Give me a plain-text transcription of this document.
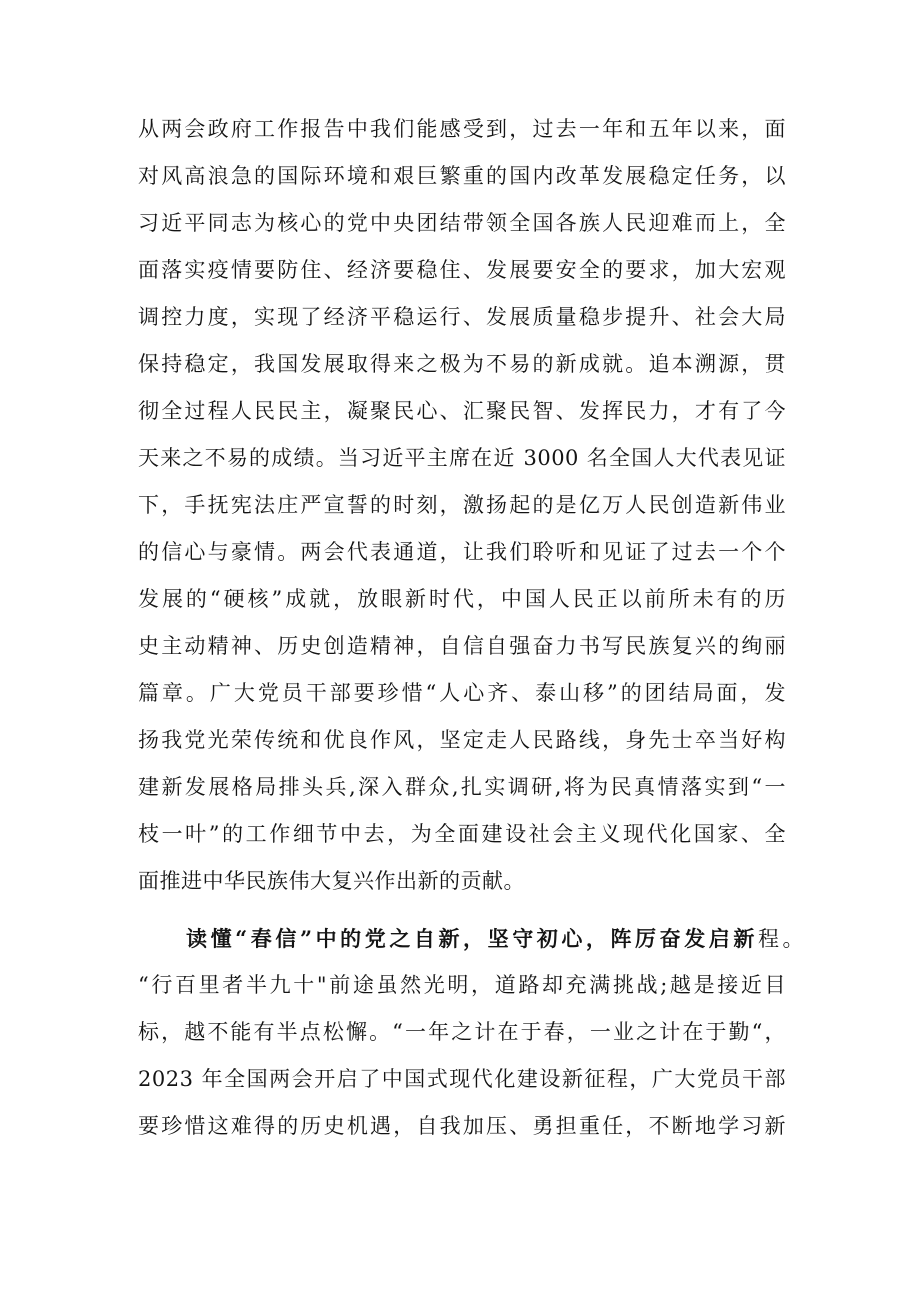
从两会政府工作报告中我们能感受到，过去一年和五年以来，面
对风高浪急的国际环境和艰巨繁重的国内改革发展稳定任务，以
习近平同志为核心的党中央团结带领全国各族人民迎难而上，全
面落实疫情要防住、经济要稳住、发展要安全的要求，加大宏观
调控力度，实现了经济平稳运行、发展质量稳步提升、社会大局
保持稳定，我国发展取得来之极为不易的新成就。追本溯源，贯
彻全过程人民民主，凝聚民心、汇聚民智、发挥民力，才有了今
天来之不易的成绩。当习近平主席在近 3000 名全国人大代表见证
下，手抚宪法庄严宣誓的时刻，激扬起的是亿万人民创造新伟业
的信心与豪情。两会代表通道，让我们聆听和见证了过去一个个
发展的“硬核”成就，放眼新时代，中国人民正以前所未有的历
史主动精神、历史创造精神，自信自强奋力书写民族复兴的绚丽
篇章。广大党员干部要珍惜“人心齐、泰山移”的团结局面，发
扬我党光荣传统和优良作风，坚定走人民路线，身先士卒当好构
建新发展格局排头兵,深入群众,扎实调研,将为民真情落实到“一
枝一叶”的工作细节中去，为全面建设社会主义现代化国家、全
面推进中华民族伟大复兴作出新的贡献。
读懂“春信”中的党之自新，坚守初心，阵厉奋发启新程。
“行百里者半九十"前途虽然光明，道路却充满挑战;越是接近目
标，越不能有半点松懈。“一年之计在于春，一业之计在于勤“，
2023 年全国两会开启了中国式现代化建设新征程，广大党员干部
要珍惜这难得的历史机遇，自我加压、勇担重任，不断地学习新
